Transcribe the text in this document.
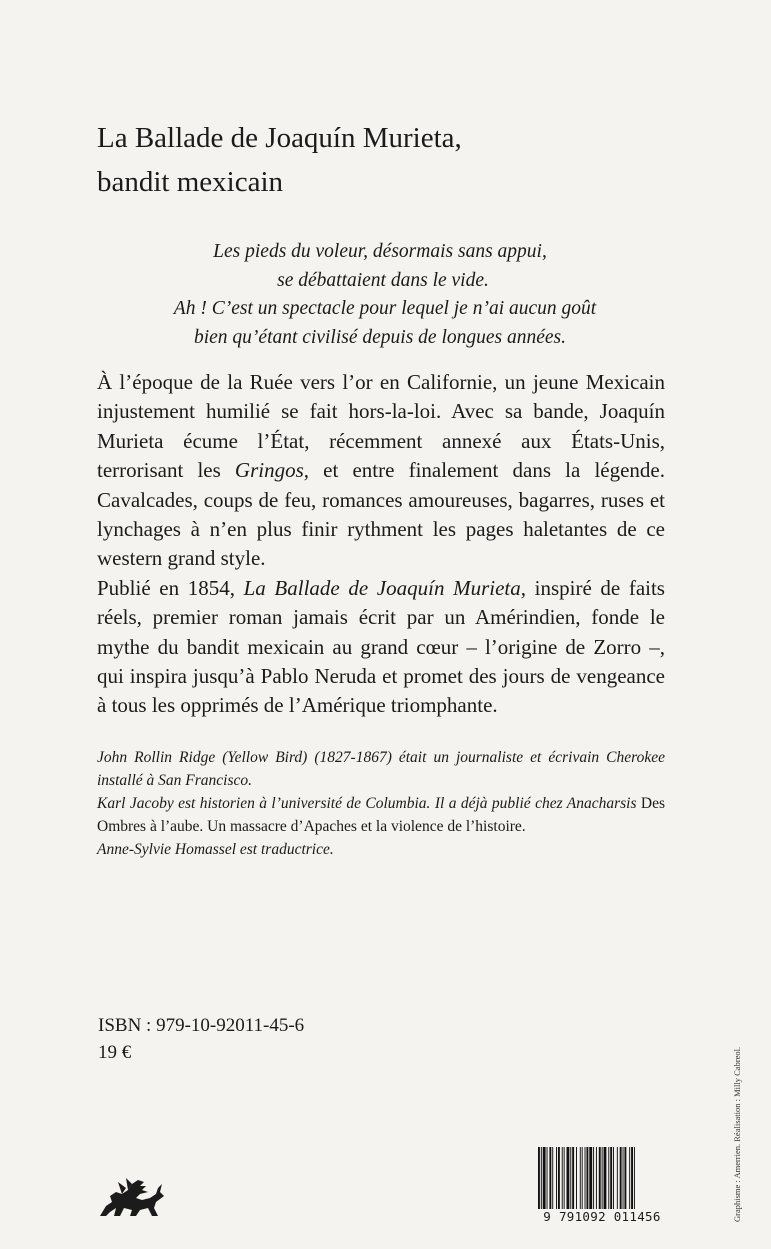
La Ballade de Joaquín Murieta,
bandit mexicain
Les pieds du voleur, désormais sans appui,
se débattaient dans le vide.
Ah ! C’est un spectacle pour lequel je n’ai aucun goût
bien qu’étant civilisé depuis de longues années.

À l’époque de la Ruée vers l’or en Californie, un jeune Mexicain injustement humilié se fait hors-la-loi. Avec sa bande, Joaquín Murieta écume l’État, récemment annexé aux États-Unis, terrorisant les Gringos, et entre finalement dans la légende. Cavalcades, coups de feu, romances amoureuses, bagarres, ruses et lynchages à n’en plus finir rythment les pages haletantes de ce western grand style.

Publié en 1854, La Ballade de Joaquín Murieta, inspiré de faits réels, premier roman jamais écrit par un Amérindien, fonde le mythe du bandit mexicain au grand cœur – l’origine de Zorro –, qui inspira jusqu’à Pablo Neruda et promet des jours de vengeance à tous les opprimés de l’Amérique triomphante.

John Rollin Ridge (Yellow Bird) (1827-1867) était un journaliste et écrivain Cherokee installé à San Francisco.

Karl Jacoby est historien à l’université de Columbia. Il a déjà publié chez Anacharsis Des Ombres à l’aube. Un massacre d’Apaches et la violence de l’histoire.

Anne-Sylvie Homassel est traductrice.

ISBN : 979-10-92011-45-6
19 €
9 791092 011456	Graphisme : Amerrien. Réalisation : Milly Cabreol.
